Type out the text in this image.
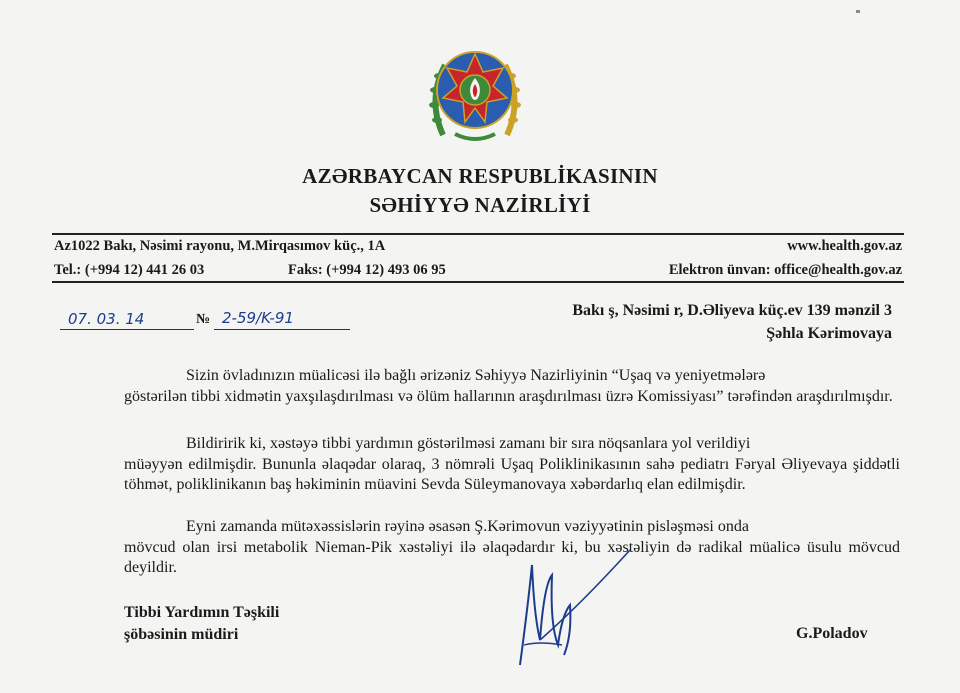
AZƏRBAYCAN RESPUBLİKASININ
SƏHİYYƏ NAZİRLİYİ
Az1022 Bakı, Nəsimi rayonu, M.Mirqasımov küç., 1A	www.health.gov.az
Tel.: (+994 12) 441 26 03	Faks: (+994 12) 493 06 95	Elektron ünvan: office@health.gov.az
07. 03. 14	№ 2-59/K-91	Bakı ş, Nəsimi r, D.Əliyeva küç.ev 139 mənzil 3
Şəhla Kərimovaya
Sizin övladınızın müalicəsi ilə bağlı ərizəniz Səhiyyə Nazirliyinin “Uşaq və yeniyetmələrə
göstərilən tibbi xidmətin yaxşılaşdırılması və ölüm hallarının araşdırılması üzrə Komissiyası” tərəfindən araşdırılmışdır.
Bildiririk ki, xəstəyə tibbi yardımın göstərilməsi zamanı bir sıra nöqsanlara yol verildiyi
müəyyən edilmişdir. Bununla əlaqədar olaraq, 3 nömrəli Uşaq Poliklinikasının sahə pediatrı Fəryal Əliyevaya şiddətli töhmət, poliklinikanın baş həkiminin müavini Sevda Süleymanovaya xəbərdarlıq elan edilmişdir.
Eyni zamanda mütəxəssislərin rəyinə əsasən Ş.Kərimovun vəziyyətinin pisləşməsi onda
mövcud olan irsi metabolik Nieman-Pik xəstəliyi ilə əlaqədardır ki, bu xəstəliyin də radikal müalicə üsulu mövcud deyildir.
Tibbi Yardımın Təşkili
şöbəsinin müdiri	G.Poladov
